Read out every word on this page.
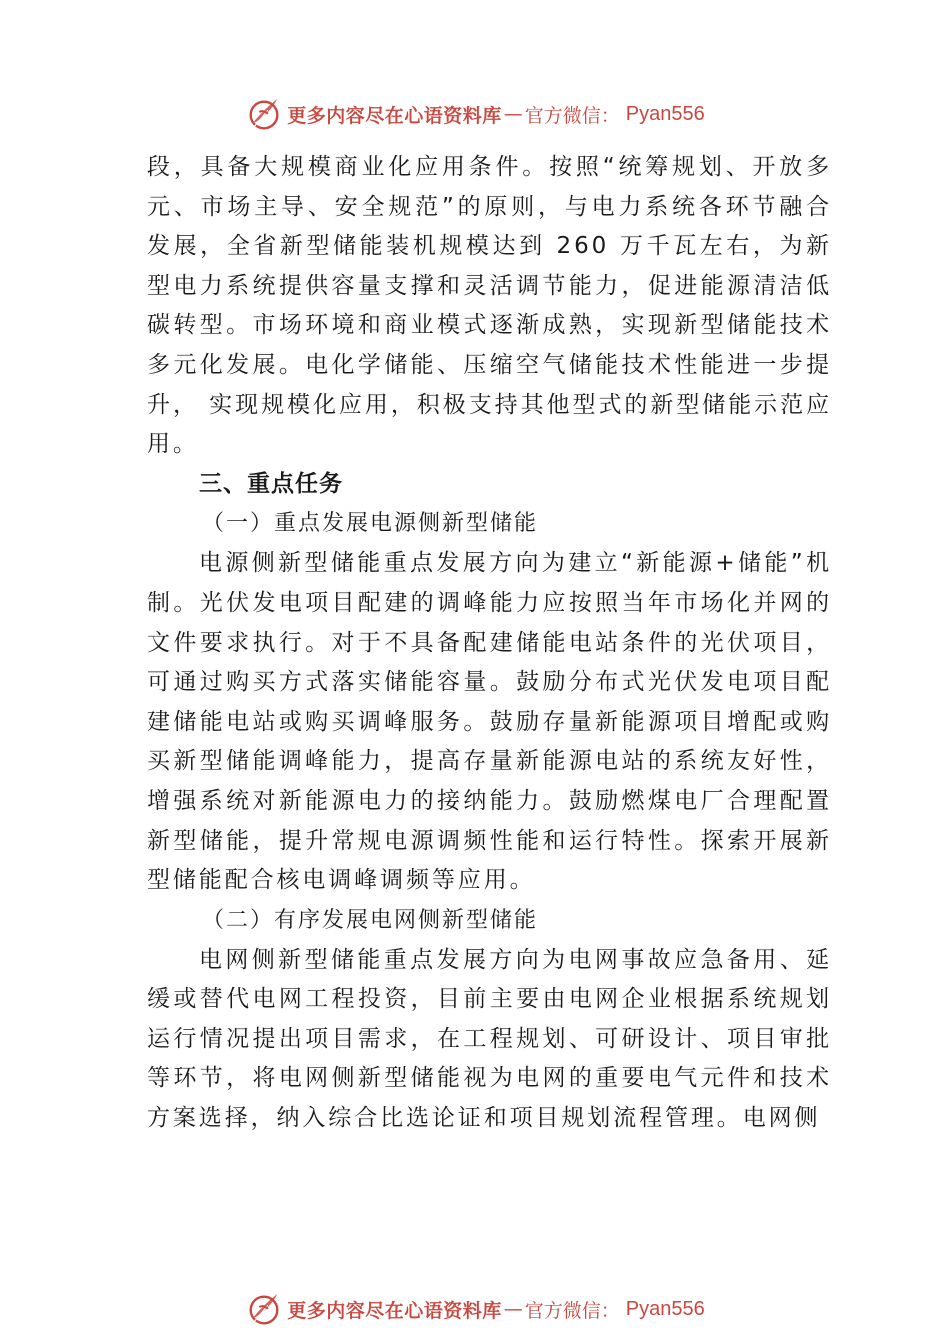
更多内容尽在心语资料库 — 官方微信： Pyan556

段，具备大规模商业化应用条件。按照“统筹规划、开放多元、市场主导、安全规范”的原则，与电力系统各环节融合发展，全省新型储能装机规模达到 260 万千瓦左右，为新型电力系统提供容量支撑和灵活调节能力，促进能源清洁低碳转型。市场环境和商业模式逐渐成熟，实现新型储能技术多元化发展。电化学储能、压缩空气储能技术性能进一步提升， 实现规模化应用，积极支持其他型式的新型储能示范应用。

三、重点任务

（一）重点发展电源侧新型储能

电源侧新型储能重点发展方向为建立“新能源+储能”机制。光伏发电项目配建的调峰能力应按照当年市场化并网的文件要求执行。对于不具备配建储能电站条件的光伏项目，可通过购买方式落实储能容量。鼓励分布式光伏发电项目配建储能电站或购买调峰服务。鼓励存量新能源项目增配或购买新型储能调峰能力，提高存量新能源电站的系统友好性， 增强系统对新能源电力的接纳能力。鼓励燃煤电厂合理配置 新型储能，提升常规电源调频性能和运行特性。探索开展新 型储能配合核电调峰调频等应用。

（二）有序发展电网侧新型储能

电网侧新型储能重点发展方向为电网事故应急备用、延缓或替代电网工程投资，目前主要由电网企业根据系统规划运行情况提出项目需求，在工程规划、可研设计、项目审批等环节，将电网侧新型储能视为电网的重要电气元件和技术方案选择，纳入综合比选论证和项目规划流程管理。电网侧

更多内容尽在心语资料库 — 官方微信： Pyan556
